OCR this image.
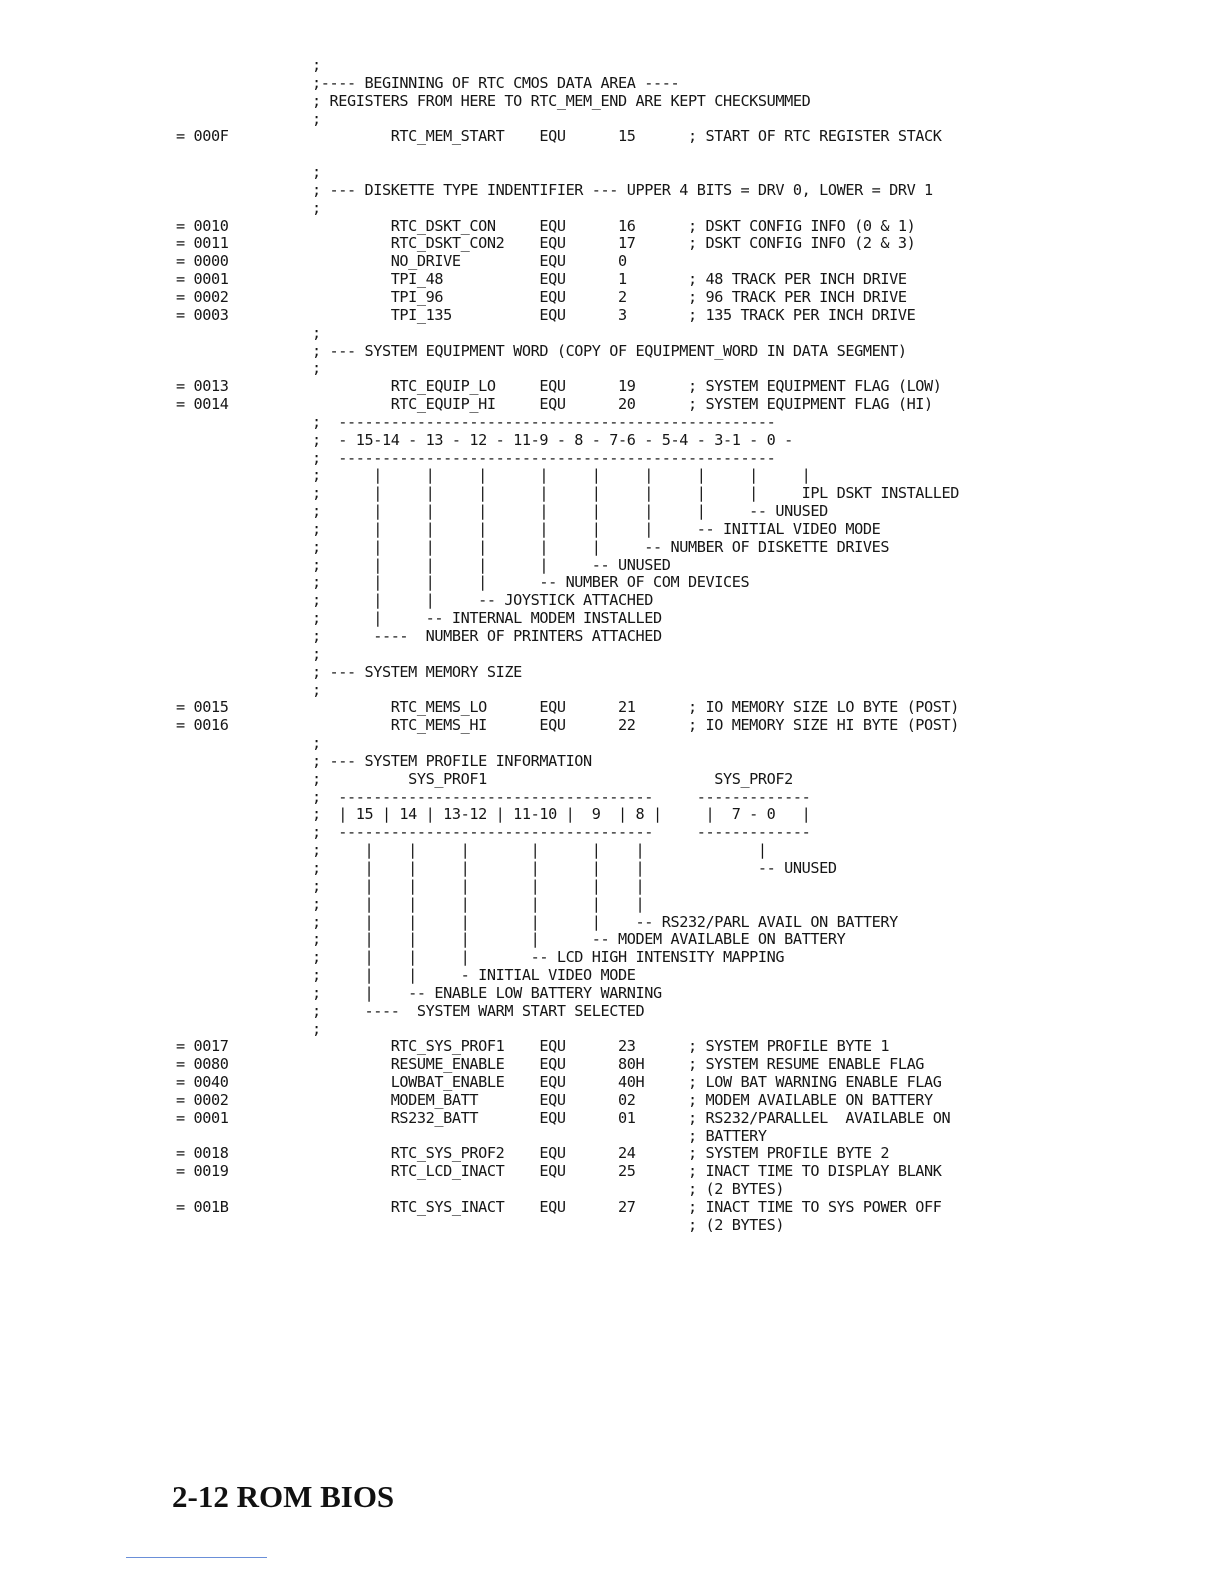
;
;---- BEGINNING OF RTC CMOS DATA AREA ----
; REGISTERS FROM HERE TO RTC_MEM_END ARE KEPT CHECKSUMMED
;
= 000F	RTC_MEM_START    EQU      15      ; START OF RTC REGISTER STACK
;
; --- DISKETTE TYPE INDENTIFIER --- UPPER 4 BITS = DRV 0, LOWER = DRV 1
;
= 0010	RTC_DSKT_CON     EQU      16      ; DSKT CONFIG INFO (0 & 1)
= 0011	RTC_DSKT_CON2    EQU      17      ; DSKT CONFIG INFO (2 & 3)
= 0000	NO_DRIVE         EQU      0
= 0001	TPI_48           EQU      1       ; 48 TRACK PER INCH DRIVE
= 0002	TPI_96           EQU      2       ; 96 TRACK PER INCH DRIVE
= 0003	TPI_135          EQU      3       ; 135 TRACK PER INCH DRIVE
;
; --- SYSTEM EQUIPMENT WORD (COPY OF EQUIPMENT_WORD IN DATA SEGMENT)
;
= 0013	RTC_EQUIP_LO     EQU      19      ; SYSTEM EQUIPMENT FLAG (LOW)
= 0014	RTC_EQUIP_HI     EQU      20      ; SYSTEM EQUIPMENT FLAG (HI)
;  --------------------------------------------------
;  - 15-14 - 13 - 12 - 11-9 - 8 - 7-6 - 5-4 - 3-1 - 0 -
;  --------------------------------------------------
;      |     |     |      |     |     |     |     |     |
;      |     |     |      |     |     |     |     |     IPL DSKT INSTALLED
;      |     |     |      |     |     |     |     -- UNUSED
;      |     |     |      |     |     |     -- INITIAL VIDEO MODE
;      |     |     |      |     |     -- NUMBER OF DISKETTE DRIVES
;      |     |     |      |     -- UNUSED
;      |     |     |      -- NUMBER OF COM DEVICES
;      |     |     -- JOYSTICK ATTACHED
;      |     -- INTERNAL MODEM INSTALLED
;      ----  NUMBER OF PRINTERS ATTACHED
;
; --- SYSTEM MEMORY SIZE
;
= 0015	RTC_MEMS_LO      EQU      21      ; IO MEMORY SIZE LO BYTE (POST)
= 0016	RTC_MEMS_HI      EQU      22      ; IO MEMORY SIZE HI BYTE (POST)
;
; --- SYSTEM PROFILE INFORMATION
;          SYS_PROF1                          SYS_PROF2
;  ------------------------------------     -------------
;  | 15 | 14 | 13-12 | 11-10 |  9  | 8 |     |  7 - 0   |
;  ------------------------------------     -------------
;     |    |     |       |      |    |             |
;     |    |     |       |      |    |             -- UNUSED
;     |    |     |       |      |    |
;     |    |     |       |      |    |
;     |    |     |       |      |    -- RS232/PARL AVAIL ON BATTERY
;     |    |     |       |      -- MODEM AVAILABLE ON BATTERY
;     |    |     |       -- LCD HIGH INTENSITY MAPPING
;     |    |     - INITIAL VIDEO MODE
;     |    -- ENABLE LOW BATTERY WARNING
;     ----  SYSTEM WARM START SELECTED
;
= 0017	RTC_SYS_PROF1    EQU      23      ; SYSTEM PROFILE BYTE 1
= 0080	RESUME_ENABLE    EQU      80H     ; SYSTEM RESUME ENABLE FLAG
= 0040	LOWBAT_ENABLE    EQU      40H     ; LOW BAT WARNING ENABLE FLAG
= 0002	MODEM_BATT       EQU      02      ; MODEM AVAILABLE ON BATTERY
= 0001	RS232_BATT       EQU      01      ; RS232/PARALLEL  AVAILABLE ON
; BATTERY
= 0018	RTC_SYS_PROF2    EQU      24      ; SYSTEM PROFILE BYTE 2
= 0019	RTC_LCD_INACT    EQU      25      ; INACT TIME TO DISPLAY BLANK
; (2 BYTES)
= 001B	RTC_SYS_INACT    EQU      27      ; INACT TIME TO SYS POWER OFF
; (2 BYTES)
2-12 ROM BIOS
